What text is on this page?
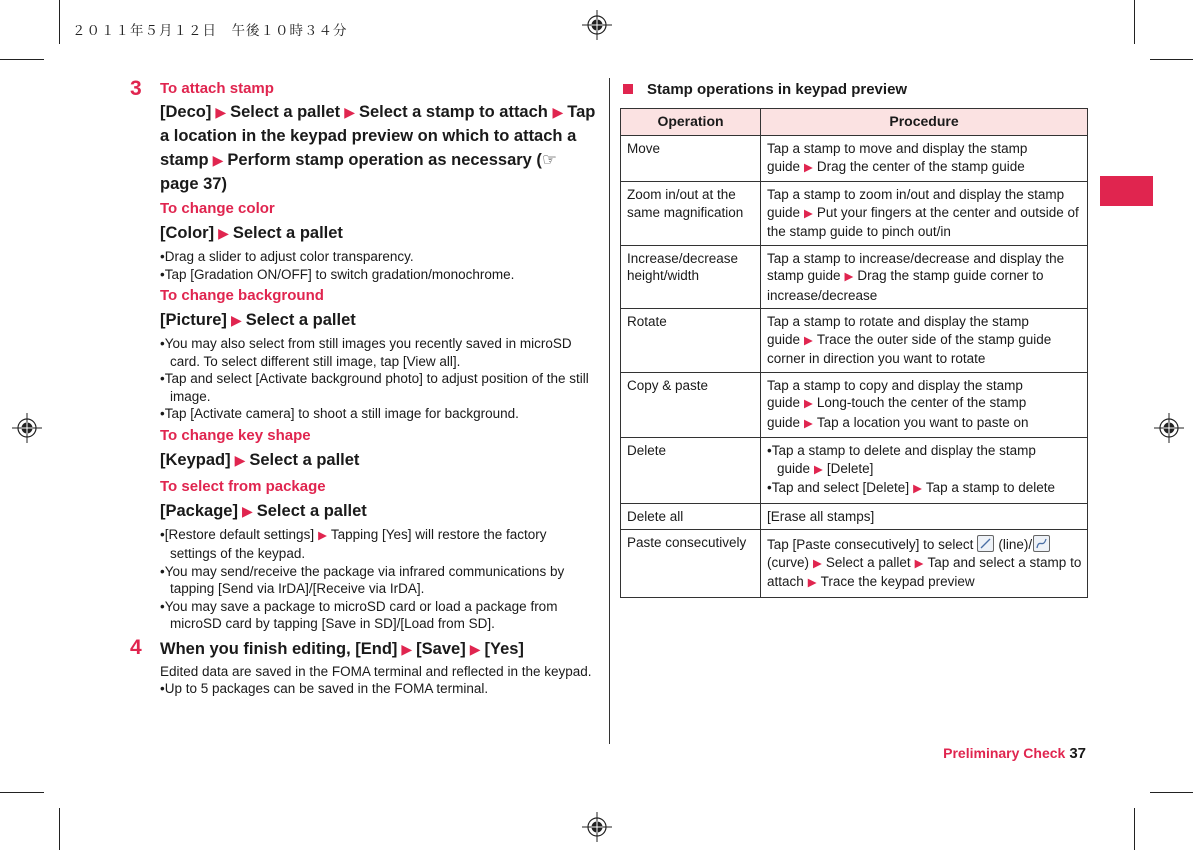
２０１１年５月１２日　午後１０時３４分
3 To attach stamp

[Deco] ▶ Select a pallet ▶ Select a stamp to attach ▶ Tap a location in the keypad preview on which to attach a stamp ▶ Perform stamp operation as necessary (☞ page 37)

To change color

[Color] ▶ Select a pallet

•Drag a slider to adjust color transparency.

•Tap [Gradation ON/OFF] to switch gradation/monochrome.

To change background

[Picture] ▶ Select a pallet

•You may also select from still images you recently saved in microSD card. To select different still image, tap [View all].

•Tap and select [Activate background photo] to adjust position of the still image.

•Tap [Activate camera] to shoot a still image for background.

To change key shape

[Keypad] ▶ Select a pallet

To select from package

[Package] ▶ Select a pallet

•[Restore default settings] ▶ Tapping [Yes] will restore the factory settings of the keypad.

•You may send/receive the package via infrared communications by tapping [Send via IrDA]/[Receive via IrDA].

•You may save a package to microSD card or load a package from microSD card by tapping [Save in SD]/[Load from SD].

4 When you finish editing, [End] ▶ [Save] ▶ [Yes]

Edited data are saved in the FOMA terminal and reflected in the keypad.

•Up to 5 packages can be saved in the FOMA terminal.

Stamp operations in keypad preview
Operation	Procedure
Move	Tap a stamp to move and display the stamp guide ▶ Drag the center of the stamp guide
Zoom in/out at the same magnification	Tap a stamp to zoom in/out and display the stamp guide ▶ Put your fingers at the center and outside of the stamp guide to pinch out/in
Increase/decrease height/width	Tap a stamp to increase/decrease and display the stamp guide ▶ Drag the stamp guide corner to increase/decrease
Rotate	Tap a stamp to rotate and display the stamp guide ▶ Trace the outer side of the stamp guide corner in direction you want to rotate
Copy & paste	Tap a stamp to copy and display the stamp guide ▶ Long-touch the center of the stamp guide ▶ Tap a location you want to paste on
Delete	•Tap a stamp to delete and display the stamp guide ▶ [Delete]
•Tap and select [Delete] ▶ Tap a stamp to delete

Delete all	[Erase all stamps]
Paste consecutively	Tap [Paste consecutively] to select (line)/

(curve) ▶ Select a pallet ▶ Tap and select a stamp to attach ▶ Trace the keypad preview
Preliminary Check 37
